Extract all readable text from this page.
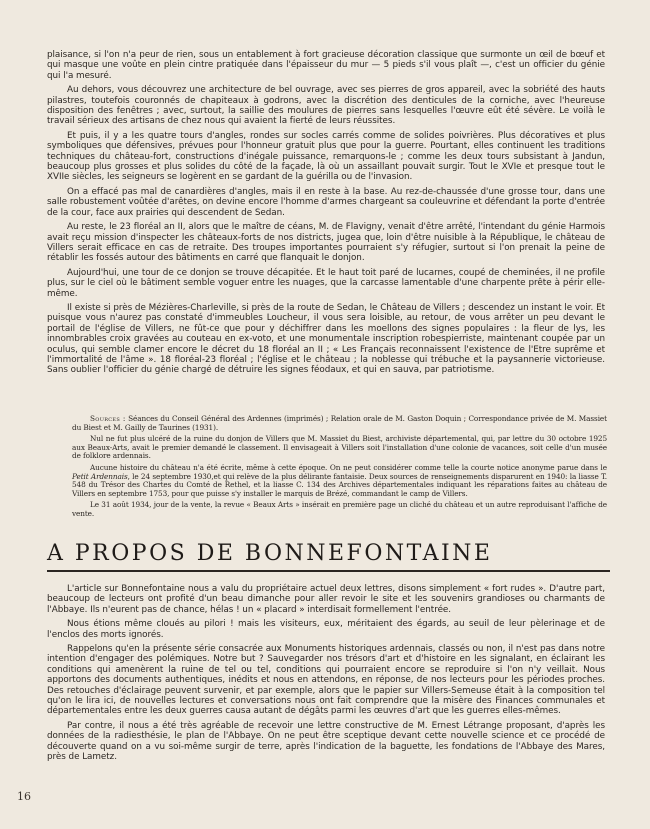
plaisance, si l'on n'a peur de rien, sous un entablement à fort gracieuse décoration classique que surmonte un œil de bœuf et qui masque une voûte en plein cintre pratiquée dans l'épaisseur du mur — 5 pieds s'il vous plaît —, c'est un officier du génie qui l'a mesuré.

Au dehors, vous découvrez une architecture de bel ouvrage, avec ses pierres de gros appareil, avec la sobriété des hauts pilastres, toutefois couronnés de chapiteaux à godrons, avec la discrétion des denticules de la corniche, avec l'heureuse disposition des fenêtres ; avec, surtout, la saillie des moulures de pierres sans lesquelles l'œuvre eût été sévère. Le voilà le travail sérieux des artisans de chez nous qui avaient la fierté de leurs réussites.

Et puis, il y a les quatre tours d'angles, rondes sur socles carrés comme de solides poivrières. Plus décoratives et plus symboliques que défensives, prévues pour l'honneur gratuit plus que pour la guerre. Pourtant, elles continuent les traditions techniques du château-fort, constructions d'inégale puissance, remarquons-le ; comme les deux tours subsistant à Jandun, beaucoup plus grosses et plus solides du côté de la façade, là où un assaillant pouvait surgir. Tout le XVIe et presque tout le XVIIe siècles, les seigneurs se logèrent en se gardant de la guérilla ou de l'invasion.

On a effacé pas mal de canardières d'angles, mais il en reste à la base. Au rez-de-chaussée d'une grosse tour, dans une salle robustement voûtée d'arêtes, on devine encore l'homme d'armes chargeant sa couleuvrine et défendant la porte d'entrée de la cour, face aux prairies qui descendent de Sedan.

Au reste, le 23 floréal an II, alors que le maître de céans, M. de Flavigny, venait d'être arrêté, l'intendant du génie Harmois avait reçu mission d'inspecter les châteaux-forts de nos districts, jugea que, loin d'être nuisible à la République, le château de Villers serait efficace en cas de retraite. Des troupes importantes pourraient s'y réfugier, surtout si l'on prenait la peine de rétablir les fossés autour des bâtiments en carré que flanquait le donjon.

Aujourd'hui, une tour de ce donjon se trouve décapitée. Et le haut toit paré de lucarnes, coupé de cheminées, il ne profile plus, sur le ciel où le bâtiment semble voguer entre les nuages, que la carcasse lamentable d'une charpente prête à périr elle-même.

Il existe si près de Mézières-Charleville, si près de la route de Sedan, le Château de Villers ; descendez un instant le voir. Et puisque vous n'aurez pas constaté d'immeubles Loucheur, il vous sera loisible, au retour, de vous arrêter un peu devant le portail de l'église de Villers, ne fût-ce que pour y déchiffrer dans les moellons des signes populaires : la fleur de lys, les innombrables croix gravées au couteau en ex-voto, et une monumentale inscription robespierriste, maintenant coupée par un oculus, qui semble clamer encore le décret du 18 floréal an II ; « Les Français reconnaissent l'existence de l'Etre suprême et l'immortalité de l'âme ». 18 floréal-23 floréal ; l'église et le château ; la noblesse qui trébuche et la paysannerie victorieuse. Sans oublier l'officier du génie chargé de détruire les signes féodaux, et qui en sauva, par patriotisme.

Sources : Séances du Conseil Général des Ardennes (imprimés) ; Relation orale de M. Gaston Doquin ; Correspondance privée de M. Massiet du Biest et M. Gailly de Taurines (1931).

Nul ne fut plus ulcéré de la ruine du donjon de Villers que M. Massiet du Biest, archiviste départemental, qui, par lettre du 30 octobre 1925 aux Beaux-Arts, avait le premier demandé le classement. Il envisageait à Villers soit l'installation d'une colonie de vacances, soit celle d'un musée de folklore ardennais.

Aucune histoire du château n'a été écrite, même à cette époque. On ne peut considérer comme telle la courte notice anonyme parue dans le Petit Ardennais, le 24 septembre 1930,et qui relève de la plus délirante fantaisie. Deux sources de renseignements disparurent en 1940: la liasse T. 548 du Trésor des Chartes du Comté de Rethel, et la liasse C. 134 des Archives départementales indiquant les réparations faites au château de Villers en septembre 1753, pour que puisse s'y installer le marquis de Brézé, commandant le camp de Villers.

Le 31 août 1934, jour de la vente, la revue « Beaux Arts » insérait en première page un cliché du château et un autre reproduisant l'affiche de vente.

A PROPOS DE BONNEFONTAINE

L'article sur Bonnefontaine nous a valu du propriétaire actuel deux lettres, disons simplement « fort rudes ». D'autre part, beaucoup de lecteurs ont profité d'un beau dimanche pour aller revoir le site et les souvenirs grandioses ou charmants de l'Abbaye. Ils n'eurent pas de chance, hélas ! un « placard » interdisait formellement l'entrée.

Nous étions même cloués au pilori ! mais les visiteurs, eux, méritaient des égards, au seuil de leur pèlerinage et de l'enclos des morts ignorés.

Rappelons qu'en la présente série consacrée aux Monuments historiques ardennais, classés ou non, il n'est pas dans notre intention d'engager des polémiques. Notre but ? Sauvegarder nos trésors d'art et d'histoire en les signalant, en éclairant les conditions qui amenèrent la ruine de tel ou tel, conditions qui pourraient encore se reproduire si l'on n'y veillait. Nous apportons des documents authentiques, inédits et nous en attendons, en réponse, de nos lecteurs pour les périodes proches. Des retouches d'éclairage peuvent survenir, et par exemple, alors que le papier sur Villers-Semeuse était à la composition tel qu'on le lira ici, de nouvelles lectures et conversations nous ont fait comprendre que la misère des Finances communales et départementales entre les deux guerres causa autant de dégâts parmi les œuvres d'art que les guerres elles-mêmes.

Par contre, il nous a été très agréable de recevoir une lettre constructive de M. Ernest Létrange proposant, d'après les données de la radiesthésie, le plan de l'Abbaye. On ne peut être sceptique devant cette nouvelle science et ce procédé de découverte quand on a vu soi-même surgir de terre, après l'indication de la baguette, les fondations de l'Abbaye des Mares, près de Lametz.

16
